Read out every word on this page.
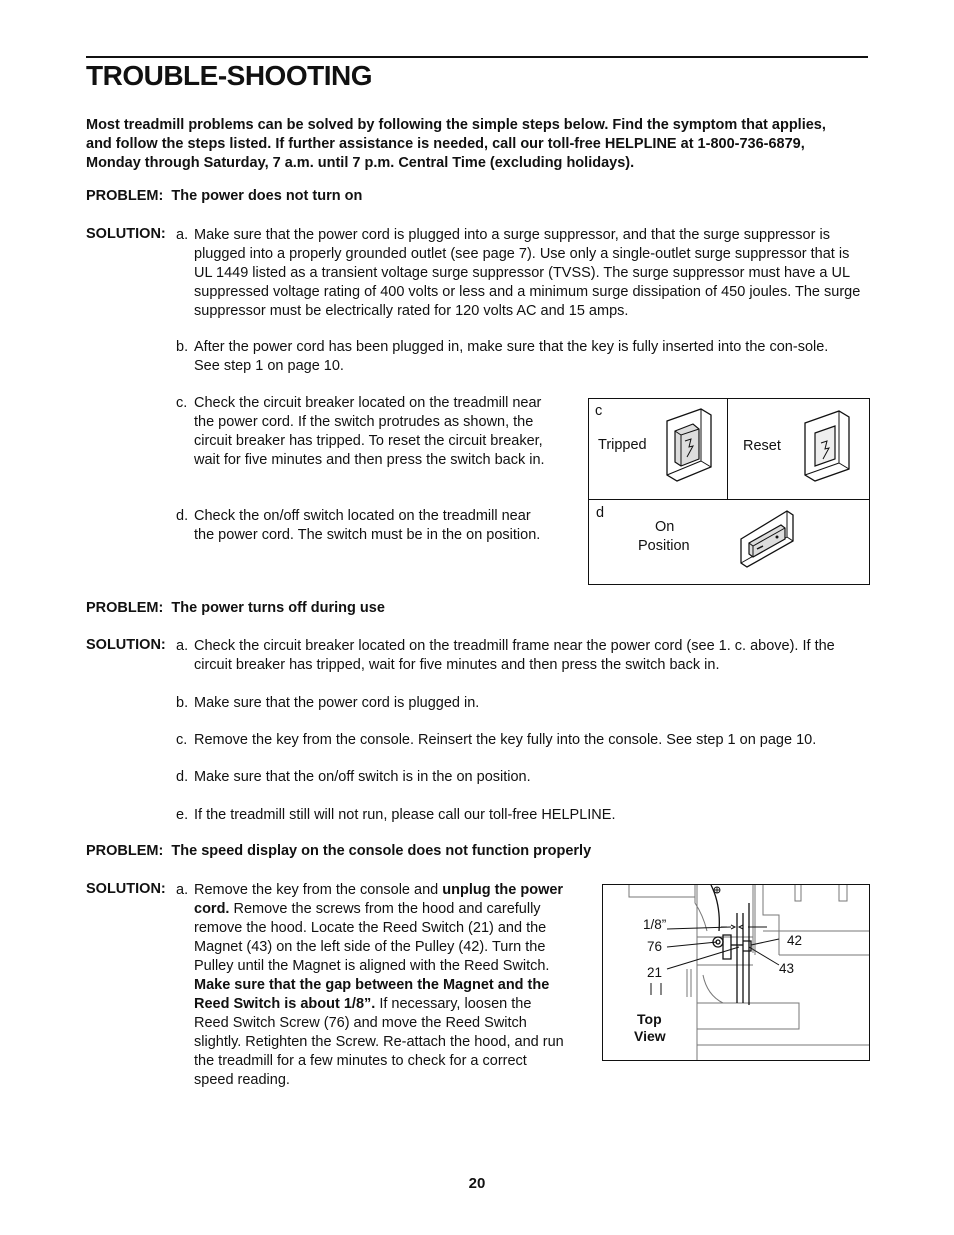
TROUBLE-SHOOTING
Most treadmill problems can be solved by following the simple steps below. Find the symptom that applies, and follow the steps listed. If further assistance is needed, call our toll-free HELPLINE at 1-800-736-6879, Monday through Saturday, 7 a.m. until 7 p.m. Central Time (excluding holidays).
PROBLEM: The power does not turn on
SOLUTION: a. Make sure that the power cord is plugged into a surge suppressor, and that the surge suppressor is plugged into a properly grounded outlet (see page 7). Use only a single-outlet surge suppressor that is UL 1449 listed as a transient voltage surge suppressor (TVSS). The surge suppressor must have a UL suppressed voltage rating of 400 volts or less and a minimum surge dissipation of 450 joules. The surge suppressor must be electrically rated for 120 volts AC and 15 amps.
b. After the power cord has been plugged in, make sure that the key is fully inserted into the con-sole. See step 1 on page 10.
c. Check the circuit breaker located on the treadmill near the power cord. If the switch protrudes as shown, the circuit breaker has tripped. To reset the circuit breaker, wait for five minutes and then press the switch back in.
d. Check the on/off switch located on the treadmill near the power cord. The switch must be in the on position.
c
Tripped	Reset
d
On
Position
PROBLEM: The power turns off during use
SOLUTION: a. Check the circuit breaker located on the treadmill frame near the power cord (see 1. c. above). If the circuit breaker has tripped, wait for five minutes and then press the switch back in.
b. Make sure that the power cord is plugged in.
c. Remove the key from the console. Reinsert the key fully into the console. See step 1 on page 10.
d. Make sure that the on/off switch is in the on position.
e. If the treadmill still will not run, please call our toll-free HELPLINE.
PROBLEM: The speed display on the console does not function properly
SOLUTION: a. Remove the key from the console and unplug the power cord. Remove the screws from the hood and carefully remove the hood. Locate the Reed Switch (21) and the Magnet (43) on the left side of the Pulley (42). Turn the Pulley until the Magnet is aligned with the Reed Switch. Make sure that the gap between the Magnet and the Reed Switch is about 1/8”. If necessary, loosen the Reed Switch Screw (76) and move the Reed Switch slightly. Retighten the Screw. Re-attach the hood, and run the treadmill for a few minutes to check for a correct speed reading.
1/8”
76
21
42
43
Top
View
20
